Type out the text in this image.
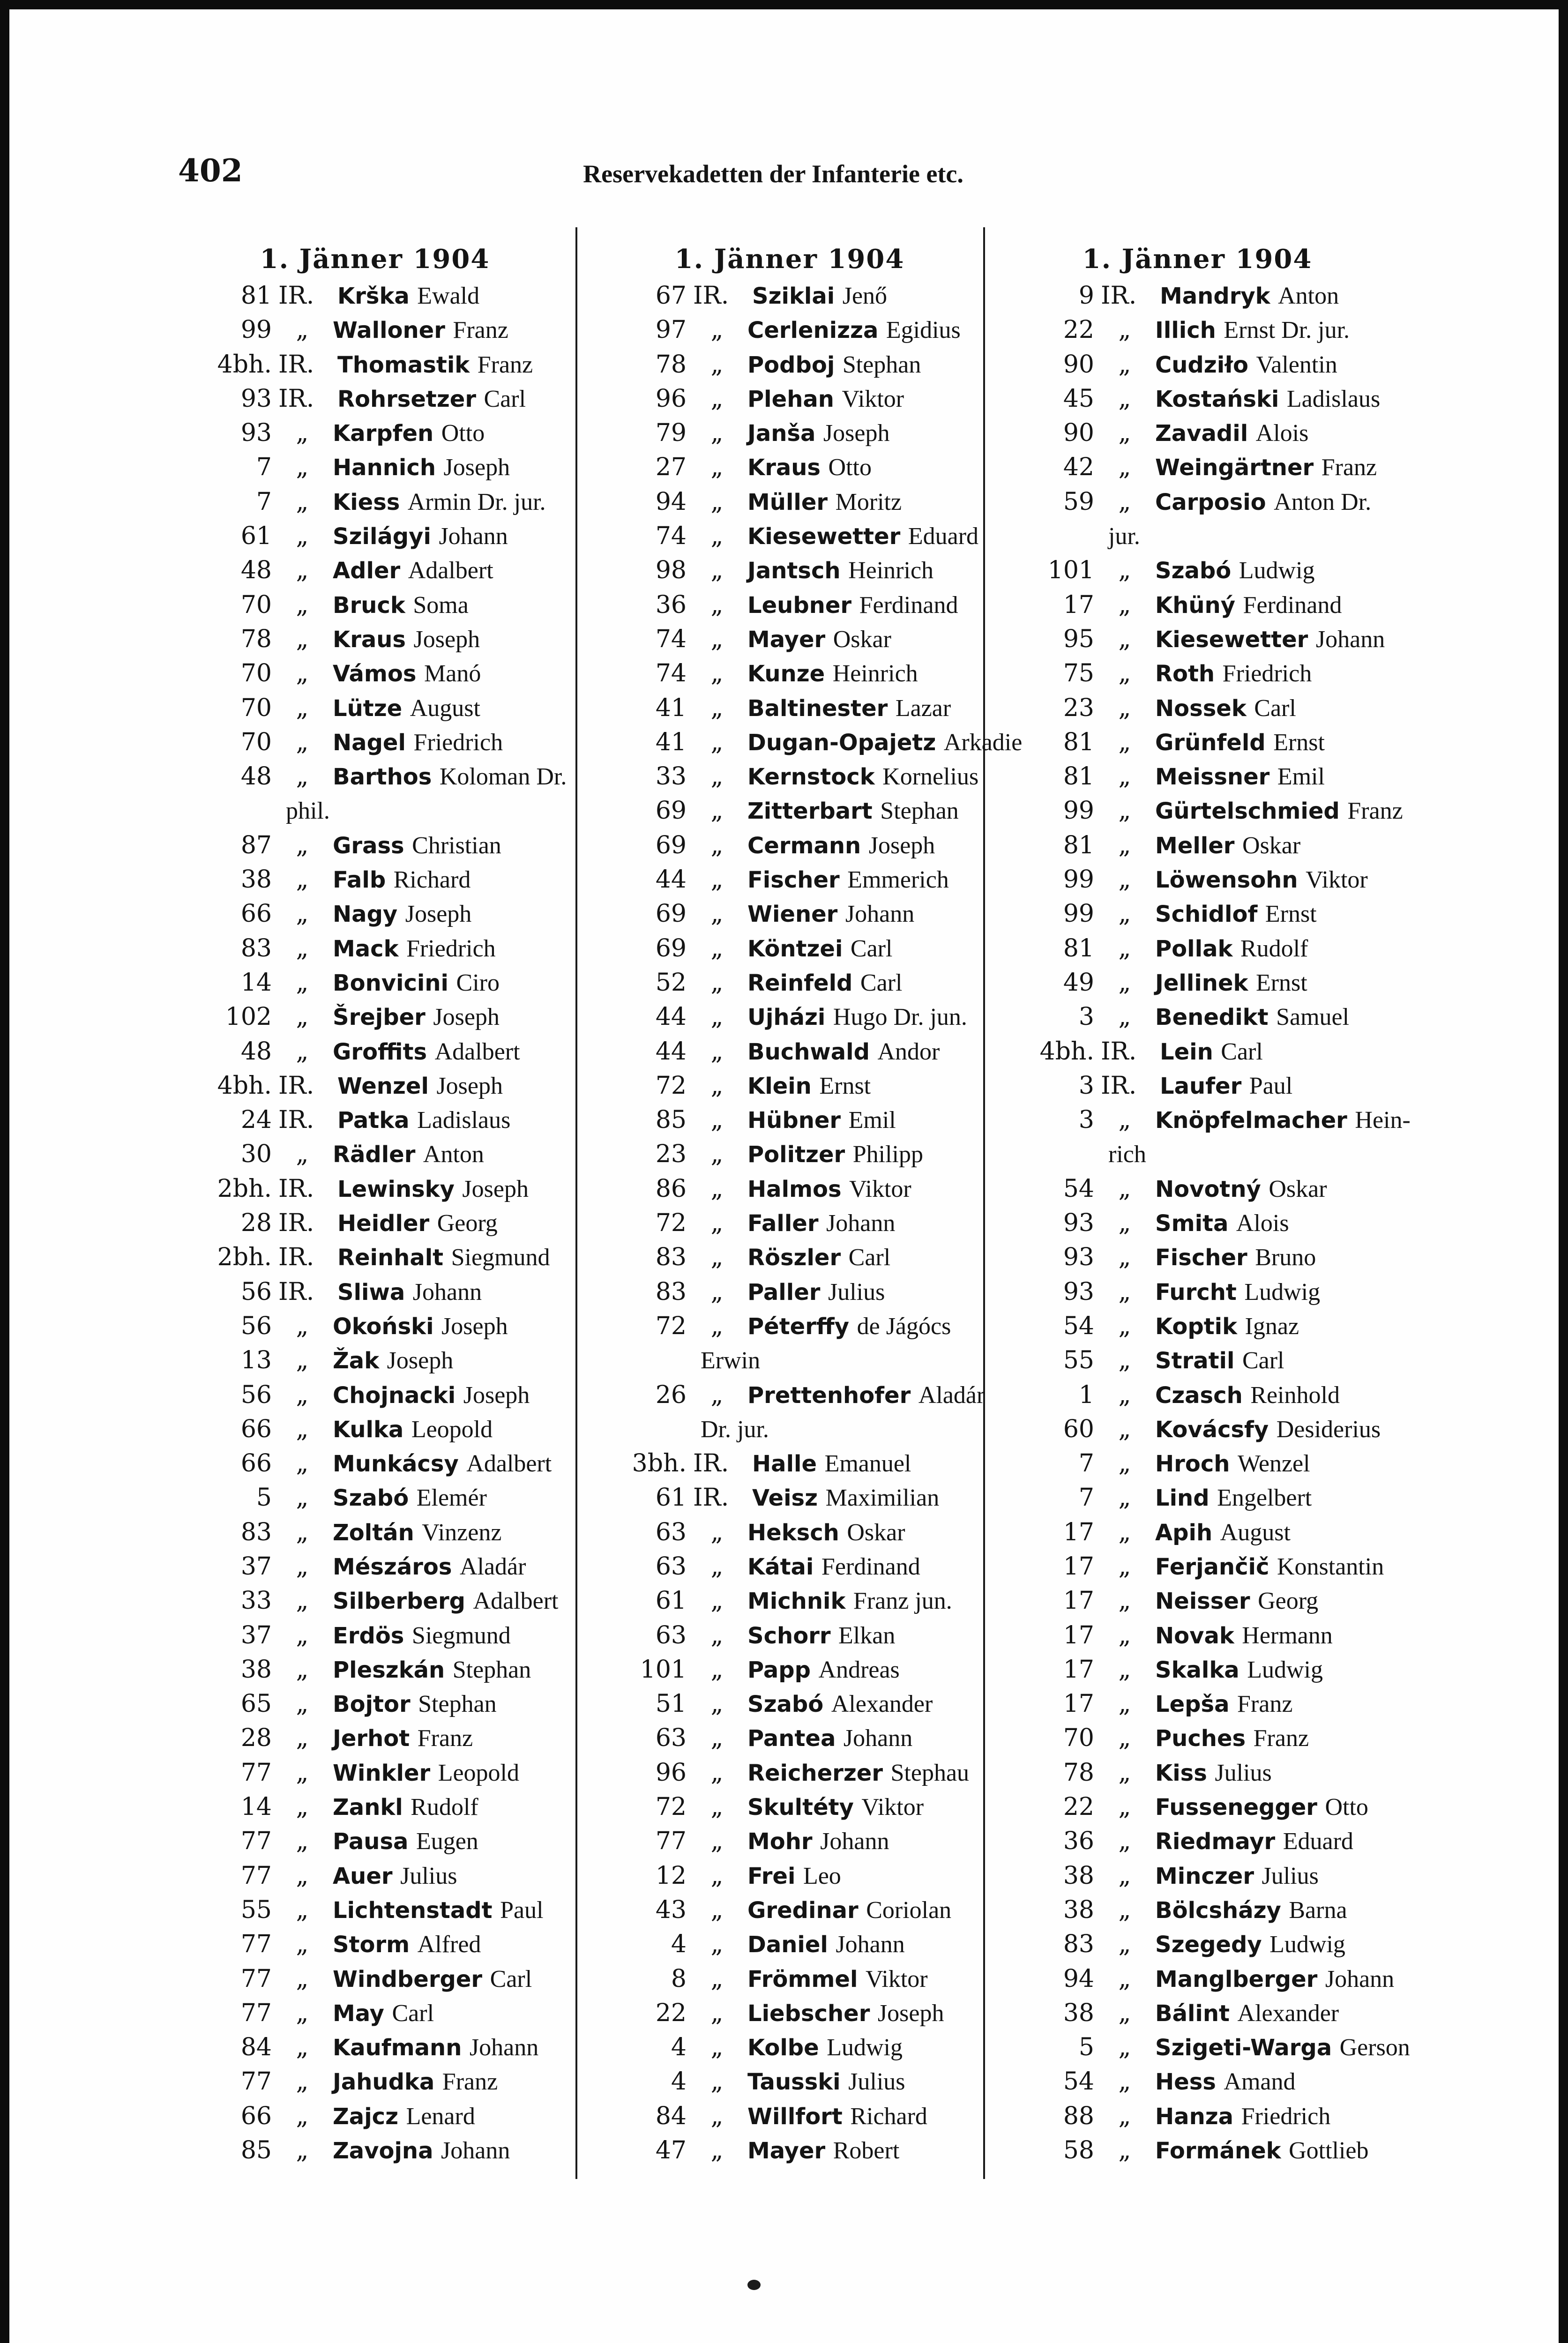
402	Reservekadetten der Infanterie etc.
1. Jänner 1904
81 IR. Krška Ewald
99 „ Walloner Franz
4bh. IR. Thomastik Franz
93 IR. Rohrsetzer Carl
93 „ Karpfen Otto
7 „ Hannich Joseph
7 „ Kiess Armin Dr. jur.
61 „ Szilágyi Johann
48 „ Adler Adalbert
70 „ Bruck Soma
78 „ Kraus Joseph
70 „ Vámos Manó
70 „ Lütze August
70 „ Nagel Friedrich
48 „ Barthos Koloman Dr.
phil.
87 „ Grass Christian
38 „ Falb Richard
66 „ Nagy Joseph
83 „ Mack Friedrich
14 „ Bonvicini Ciro
102 „ Šrejber Joseph
48 „ Groffits Adalbert
4bh. IR. Wenzel Joseph
24 IR. Patka Ladislaus
30 „ Rädler Anton
2bh. IR. Lewinsky Joseph
28 IR. Heidler Georg
2bh. IR. Reinhalt Siegmund
56 IR. Sliwa Johann
56 „ Okoński Joseph
13 „ Žak Joseph
56 „ Chojnacki Joseph
66 „ Kulka Leopold
66 „ Munkácsy Adalbert
5 „ Szabó Elemér
83 „ Zoltán Vinzenz
37 „ Mészáros Aladár
33 „ Silberberg Adalbert
37 „ Erdös Siegmund
38 „ Pleszkán Stephan
65 „ Bojtor Stephan
28 „ Jerhot Franz
77 „ Winkler Leopold
14 „ Zankl Rudolf
77 „ Pausa Eugen
77 „ Auer Julius
55 „ Lichtenstadt Paul
77 „ Storm Alfred
77 „ Windberger Carl
77 „ May Carl
84 „ Kaufmann Johann
77 „ Jahudka Franz
66 „ Zajcz Lenard
85 „ Zavojna Johann
1. Jänner 1904
67 IR. Sziklai Jenő
97 „ Cerlenizza Egidius
78 „ Podboj Stephan
96 „ Plehan Viktor
79 „ Janša Joseph
27 „ Kraus Otto
94 „ Müller Moritz
74 „ Kiesewetter Eduard
98 „ Jantsch Heinrich
36 „ Leubner Ferdinand
74 „ Mayer Oskar
74 „ Kunze Heinrich
41 „ Baltinester Lazar
41 „ Dugan-Opajetz Arkadie
33 „ Kernstock Kornelius
69 „ Zitterbart Stephan
69 „ Cermann Joseph
44 „ Fischer Emmerich
69 „ Wiener Johann
69 „ Köntzei Carl
52 „ Reinfeld Carl
44 „ Ujházi Hugo Dr. jun.
44 „ Buchwald Andor
72 „ Klein Ernst
85 „ Hübner Emil
23 „ Politzer Philipp
86 „ Halmos Viktor
72 „ Faller Johann
83 „ Röszler Carl
83 „ Paller Julius
72 „ Péterffy de Jágócs
Erwin
26 „ Prettenhofer Aladár
Dr. jur.
3bh. IR. Halle Emanuel
61 IR. Veisz Maximilian
63 „ Heksch Oskar
63 „ Kátai Ferdinand
61 „ Michnik Franz jun.
63 „ Schorr Elkan
101 „ Papp Andreas
51 „ Szabó Alexander
63 „ Pantea Johann
96 „ Reicherzer Stephau
72 „ Skultéty Viktor
77 „ Mohr Johann
12 „ Frei Leo
43 „ Gredinar Coriolan
4 „ Daniel Johann
8 „ Frömmel Viktor
22 „ Liebscher Joseph
4 „ Kolbe Ludwig
4 „ Tausski Julius
84 „ Willfort Richard
47 „ Mayer Robert
1. Jänner 1904
9 IR. Mandryk Anton
22 „ Illich Ernst Dr. jur.
90 „ Cudziło Valentin
45 „ Kostański Ladislaus
90 „ Zavadil Alois
42 „ Weingärtner Franz
59 „ Carposio Anton Dr.
jur.
101 „ Szabó Ludwig
17 „ Khüný Ferdinand
95 „ Kiesewetter Johann
75 „ Roth Friedrich
23 „ Nossek Carl
81 „ Grünfeld Ernst
81 „ Meissner Emil
99 „ Gürtelschmied Franz
81 „ Meller Oskar
99 „ Löwensohn Viktor
99 „ Schidlof Ernst
81 „ Pollak Rudolf
49 „ Jellinek Ernst
3 „ Benedikt Samuel
4bh. IR. Lein Carl
3 IR. Laufer Paul
3 „ Knöpfelmacher Hein-
rich
54 „ Novotný Oskar
93 „ Smita Alois
93 „ Fischer Bruno
93 „ Furcht Ludwig
54 „ Koptik Ignaz
55 „ Stratil Carl
1 „ Czasch Reinhold
60 „ Kovácsfy Desiderius
7 „ Hroch Wenzel
7 „ Lind Engelbert
17 „ Apih August
17 „ Ferjančič Konstantin
17 „ Neisser Georg
17 „ Novak Hermann
17 „ Skalka Ludwig
17 „ Lepša Franz
70 „ Puches Franz
78 „ Kiss Julius
22 „ Fussenegger Otto
36 „ Riedmayr Eduard
38 „ Minczer Julius
38 „ Bölcsházy Barna
83 „ Szegedy Ludwig
94 „ Manglberger Johann
38 „ Bálint Alexander
5 „ Szigeti-Warga Gerson
54 „ Hess Amand
88 „ Hanza Friedrich
58 „ Formánek Gottlieb
